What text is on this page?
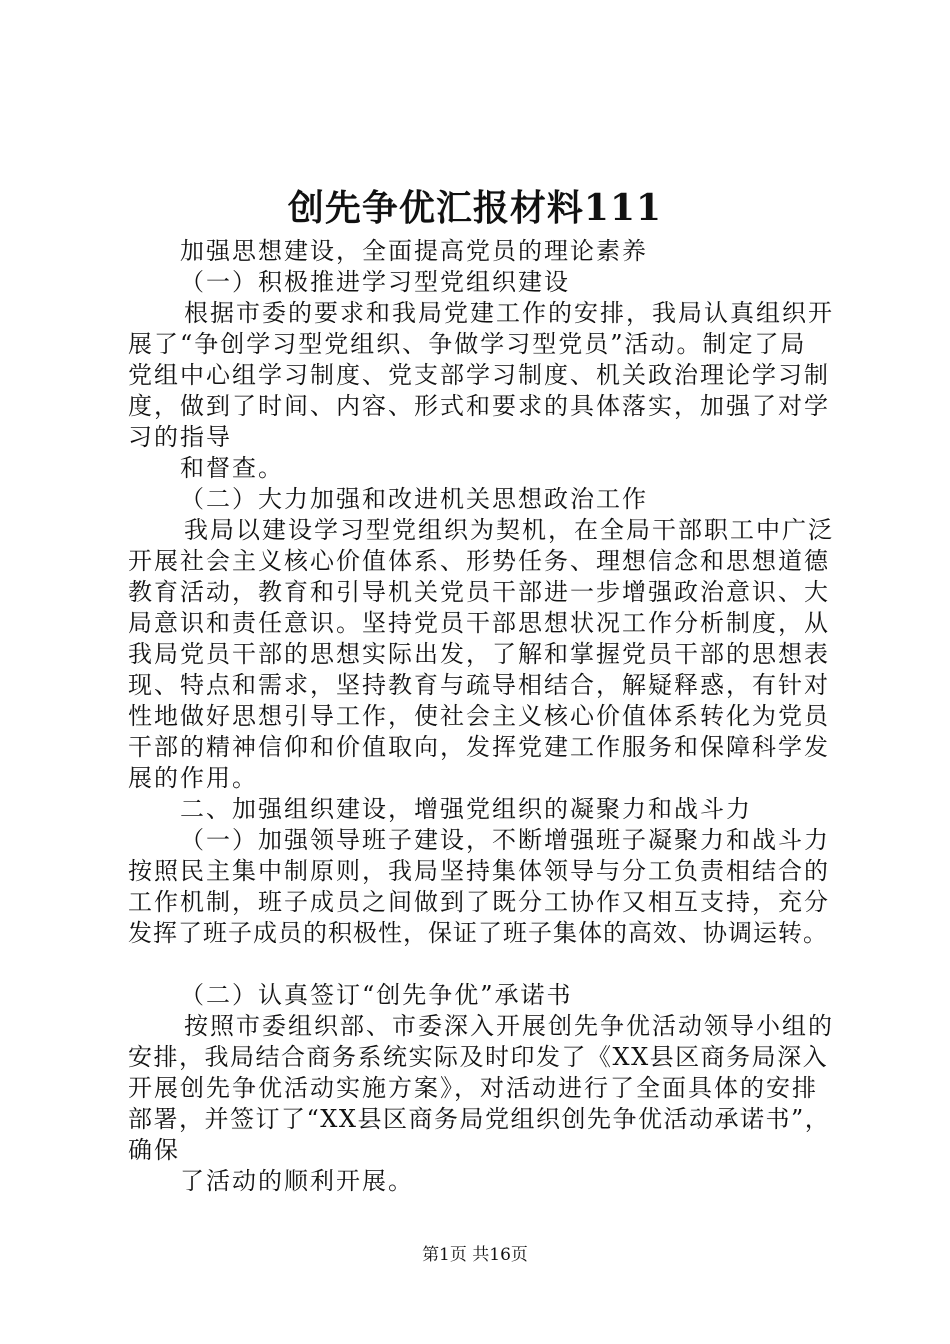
创先争优汇报材料111
加强思想建设，全面提高党员的理论素养
（一）积极推进学习型党组织建设
根据市委的要求和我局党建工作的安排，我局认真组织开
展了“争创学习型党组织、争做学习型党员”活动。制定了局
党组中心组学习制度、党支部学习制度、机关政治理论学习制
度，做到了时间、内容、形式和要求的具体落实，加强了对学
习的指导
和督查。
（二）大力加强和改进机关思想政治工作
我局以建设学习型党组织为契机，在全局干部职工中广泛
开展社会主义核心价值体系、形势任务、理想信念和思想道德
教育活动，教育和引导机关党员干部进一步增强政治意识、大
局意识和责任意识。坚持党员干部思想状况工作分析制度，从
我局党员干部的思想实际出发，了解和掌握党员干部的思想表
现、特点和需求，坚持教育与疏导相结合，解疑释惑，有针对
性地做好思想引导工作，使社会主义核心价值体系转化为党员
干部的精神信仰和价值取向，发挥党建工作服务和保障科学发
展的作用。
二、加强组织建设，增强党组织的凝聚力和战斗力
（一）加强领导班子建设，不断增强班子凝聚力和战斗力
按照民主集中制原则，我局坚持集体领导与分工负责相结合的
工作机制，班子成员之间做到了既分工协作又相互支持，充分
发挥了班子成员的积极性，保证了班子集体的高效、协调运转。
（二）认真签订“创先争优”承诺书
按照市委组织部、市委深入开展创先争优活动领导小组的
安排，我局结合商务系统实际及时印发了《XX县区商务局深入
开展创先争优活动实施方案》，对活动进行了全面具体的安排
部署，并签订了“XX县区商务局党组织创先争优活动承诺书”，
确保
了活动的顺利开展。
第1页 共16页
